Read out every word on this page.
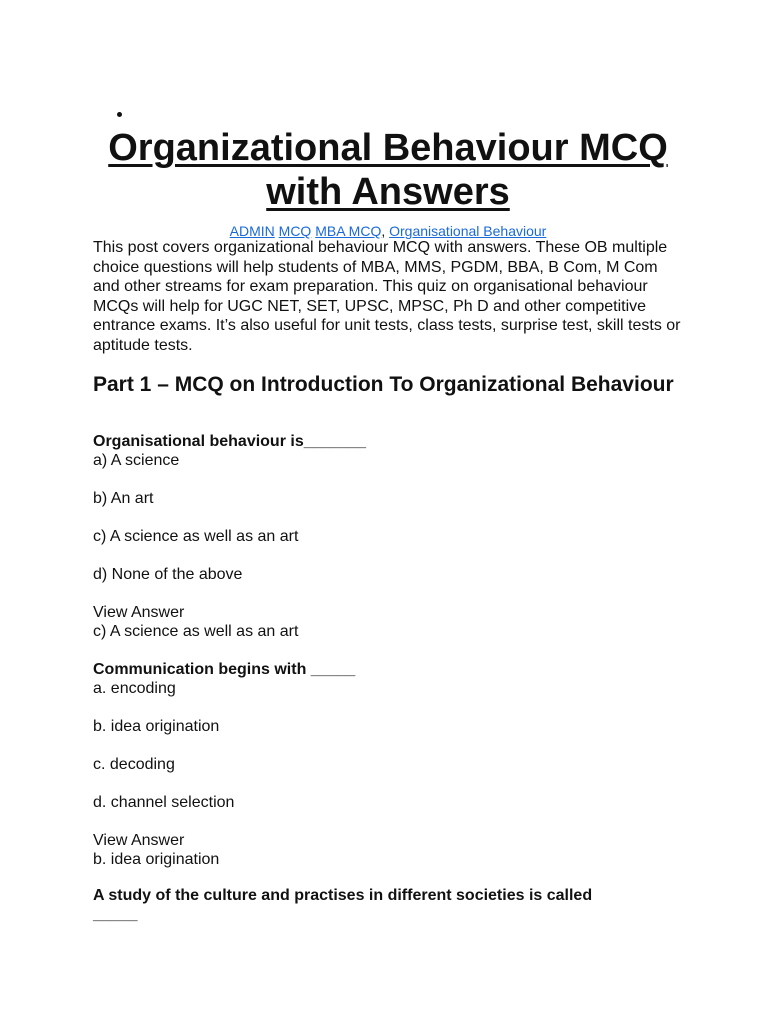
Organizational Behaviour MCQ with Answers
ADMIN MCQ MBA MCQ, Organisational Behaviour

This post covers organizational behaviour MCQ with answers. These OB multiple choice questions will help students of MBA, MMS, PGDM, BBA, B Com, M Com and other streams for exam preparation. This quiz on organisational behaviour MCQs will help for UGC NET, SET, UPSC, MPSC, Ph D and other competitive entrance exams. It’s also useful for unit tests, class tests, surprise test, skill tests or aptitude tests.

Part 1 – MCQ on Introduction To Organizational Behaviour
Organisational behaviour is_______
a) A science
b) An art
c) A science as well as an art
d) None of the above
View Answer
c) A science as well as an art
Communication begins with _____
a. encoding
b. idea origination
c. decoding
d. channel selection
View Answer
b. idea origination
A study of the culture and practises in different societies is called _____
